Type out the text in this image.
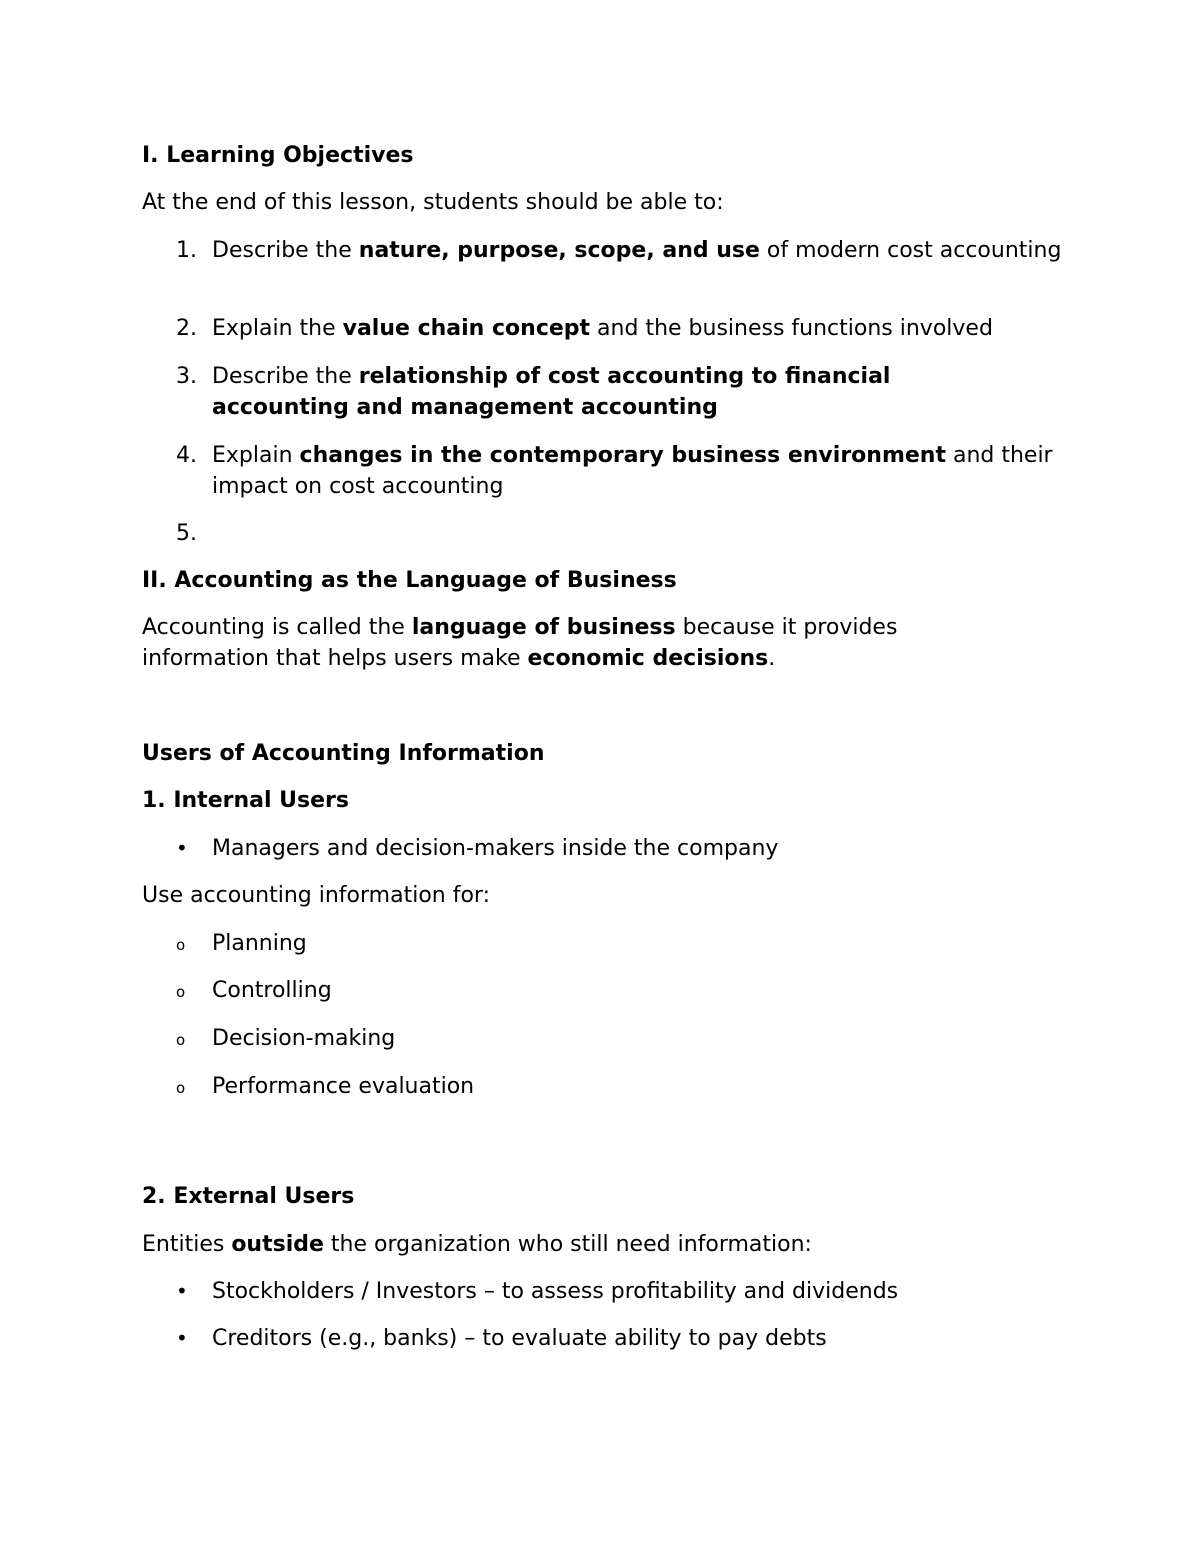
I. Learning Objectives
At the end of this lesson, students should be able to:
1. Describe the nature, purpose, scope, and use of modern cost accounting
2. Explain the value chain concept and the business functions involved
3. Describe the relationship of cost accounting to financial accounting and management accounting
4. Explain changes in the contemporary business environment and their impact on cost accounting
5.
II. Accounting as the Language of Business
Accounting is called the language of business because it provides information that helps users make economic decisions.
Users of Accounting Information
1. Internal Users
• Managers and decision-makers inside the company
Use accounting information for:
o Planning
o Controlling
o Decision-making
o Performance evaluation
2. External Users
Entities outside the organization who still need information:
• Stockholders / Investors – to assess profitability and dividends
• Creditors (e.g., banks) – to evaluate ability to pay debts
